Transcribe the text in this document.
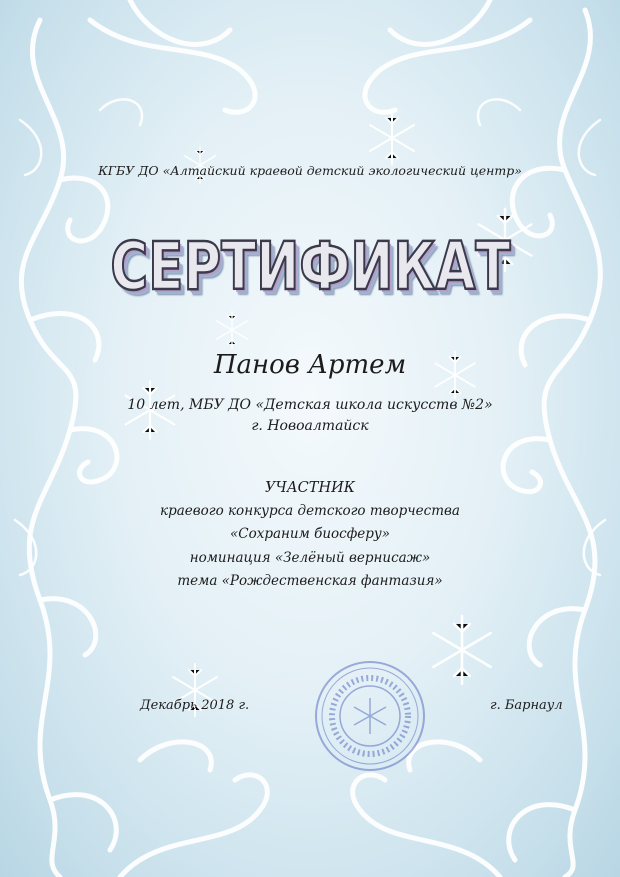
КГБУ ДО «Алтайский краевой детский экологический центр»
СЕРТИФИКАТ
Панов Артем
10 лет, МБУ ДО «Детская школа искусств №2»
г. Новоалтайск
УЧАСТНИК
краевого конкурса детского творчества
«Сохраним биосферу»
номинация «Зелёный вернисаж»
тема «Рождественская фантазия»
Декабрь 2018 г.	г. Барнаул
